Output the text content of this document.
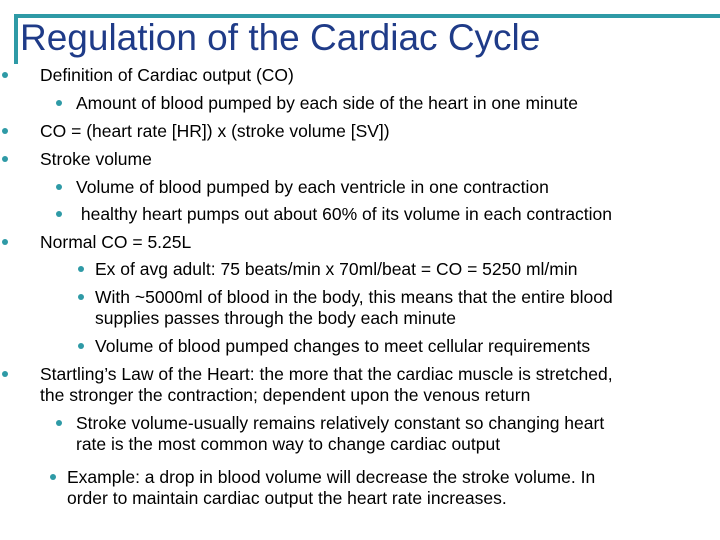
Regulation of the Cardiac Cycle
Definition of Cardiac output (CO)
Amount of blood pumped by each side of the heart in one minute
CO = (heart rate [HR]) x (stroke volume [SV])
Stroke volume
Volume of blood pumped by each ventricle in one contraction
healthy heart pumps out about 60% of its volume in each contraction
Normal CO = 5.25L
Ex of avg adult: 75 beats/min x 70ml/beat = CO = 5250 ml/min
With ~5000ml of blood in the body, this means that the entire blood
supplies passes through the body each minute
Volume of blood pumped changes to meet cellular requirements
Startling’s Law of the Heart: the more that the cardiac muscle is stretched,
the stronger the contraction; dependent upon the venous return
Stroke volume-usually remains relatively constant so changing heart
rate is the most common way to change cardiac output
Example: a drop in blood volume will decrease the stroke volume. In
order to maintain cardiac output the heart rate increases.
